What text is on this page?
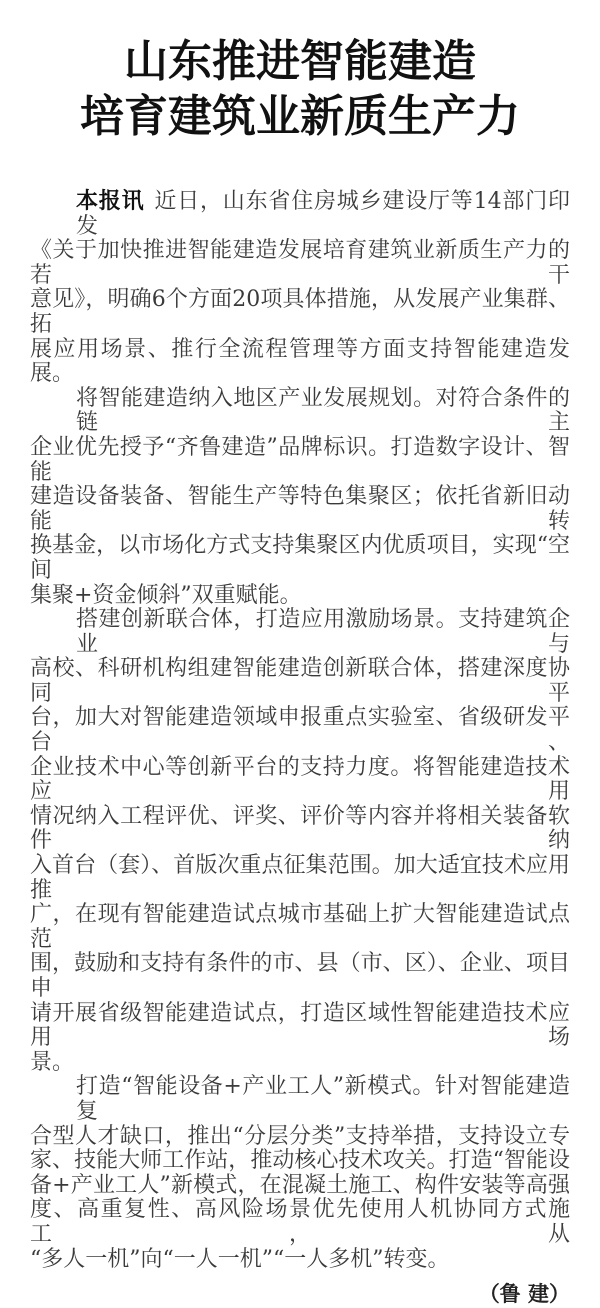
山东推进智能建造
培育建筑业新质生产力
本报讯 近日，山东省住房城乡建设厅等14部门印发
《关于加快推进智能建造发展培育建筑业新质生产力的若干
意见》，明确6个方面20项具体措施，从发展产业集群、拓
展应用场景、推行全流程管理等方面支持智能建造发展。
将智能建造纳入地区产业发展规划。对符合条件的链主
企业优先授予“齐鲁建造”品牌标识。打造数字设计、智能
建造设备装备、智能生产等特色集聚区；依托省新旧动能转
换基金，以市场化方式支持集聚区内优质项目，实现“空间
集聚+资金倾斜”双重赋能。
搭建创新联合体，打造应用激励场景。支持建筑企业与
高校、科研机构组建智能建造创新联合体，搭建深度协同平
台，加大对智能建造领域申报重点实验室、省级研发平台、
企业技术中心等创新平台的支持力度。将智能建造技术应用
情况纳入工程评优、评奖、评价等内容并将相关装备软件纳
入首台（套）、首版次重点征集范围。加大适宜技术应用推
广，在现有智能建造试点城市基础上扩大智能建造试点范
围，鼓励和支持有条件的市、县（市、区）、企业、项目申
请开展省级智能建造试点，打造区域性智能建造技术应用场
景。
打造“智能设备+产业工人”新模式。针对智能建造复
合型人才缺口，推出“分层分类”支持举措，支持设立专
家、技能大师工作站，推动核心技术攻关。打造“智能设
备+产业工人”新模式，在混凝土施工、构件安装等高强
度、高重复性、高风险场景优先使用人机协同方式施工，从
“多人一机”向“一人一机”“一人多机”转变。
（鲁 建）
